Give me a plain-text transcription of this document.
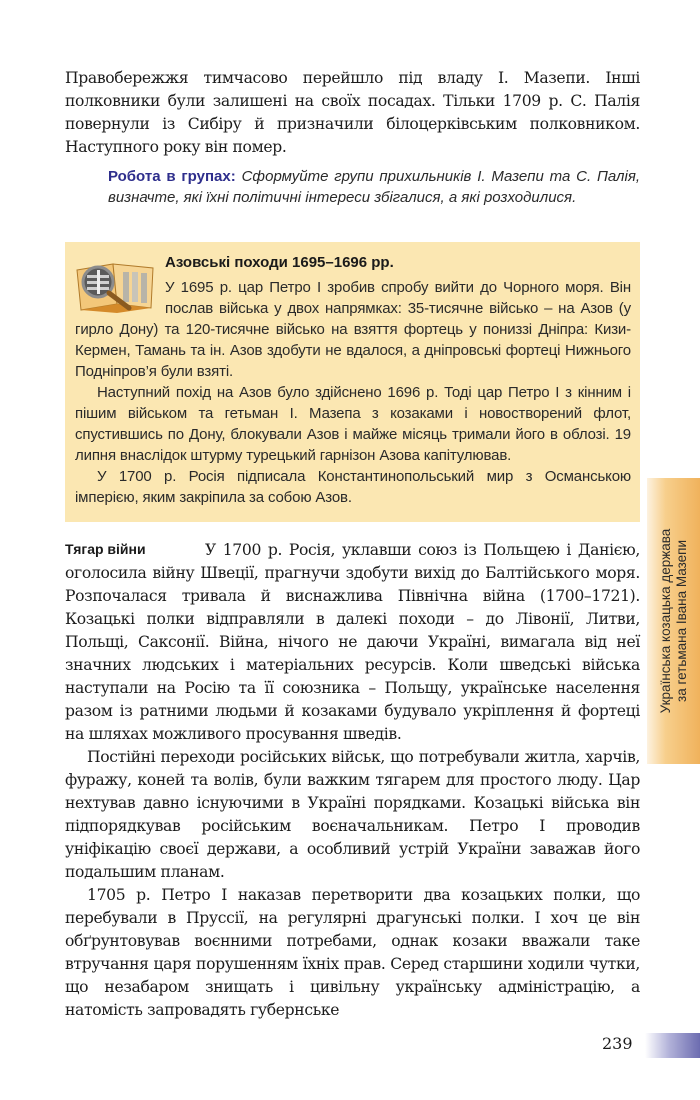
Правобережжя тимчасово перейшло під владу І. Мазепи. Інші полковники були залишені на своїх посадах. Тільки 1709 р. С. Палія повернули із Сибіру й призначили білоцерківським полковником. Наступного року він помер.

Робота в групах: Сформуйте групи прихильників І. Мазепи та С. Палія, визначте, які їхні політичні інтереси збігалися, а які розходилися.
Азовські походи 1695–1696 рр.

У 1695 р. цар Петро I зробив спробу вийти до Чорного моря. Він послав війська у двох напрямках: 35-тисячне військо – на Азов (у гирло Дону) та 120-тисячне військо на взяття фортець у пониззі Дніпра: Кизи-Кермен, Тамань та ін. Азов здобути не вдалося, а дніпровські фортеці Нижнього Подніпров’я були взяті.

Наступний похід на Азов було здійснено 1696 р. Тоді цар Петро I з кінним і пішим військом та гетьман І. Мазепа з козаками і новостворений флот, спустившись по Дону, блокували Азов і майже місяць тримали його в облозі. 19 липня внаслідок штурму турецький гарнізон Азова капітулював.

У 1700 р. Росія підписала Константинопольський мир з Османською імперією, яким закріпила за собою Азов.

Тягар війни	У 1700 р. Росія, уклавши союз із Польщею і Данією, оголосила війну Швеції, прагнучи здобути вихід до Балтійського моря. Розпочалася тривала й виснажлива Північна війна (1700–1721). Козацькі полки відправляли в далекі походи – до Лівонії, Литви, Польщі, Саксонії. Війна, нічого не даючи Україні, вимагала від неї значних людських і матеріальних ресурсів. Коли шведські війська наступали на Росію та її союзника – Польщу, українське населення разом із ратними людьми й козаками будувало укріплення й фортеці на шляхах можливого просування шведів.

Постійні переходи російських військ, що потребували житла, харчів, фуражу, коней та волів, були важким тягарем для простого люду. Цар нехтував давно існуючими в Україні порядками. Козацькі війська він підпорядкував російським воєначальникам. Петро I проводив уніфікацію своєї держави, а особливий устрій України заважав його подальшим планам.

1705 р. Петро I наказав перетворити два козацьких полки, що перебували в Пруссії, на регулярні драгунські полки. І хоч це він обґрунтовував воєнними потребами, однак козаки вважали таке втручання царя порушенням їхніх прав. Серед старшини ходили чутки, що незабаром знищать і цивільну українську адміністрацію, а натомість запровадять губернське

Українська козацька держава за гетьмана Івана Мазепи
239
